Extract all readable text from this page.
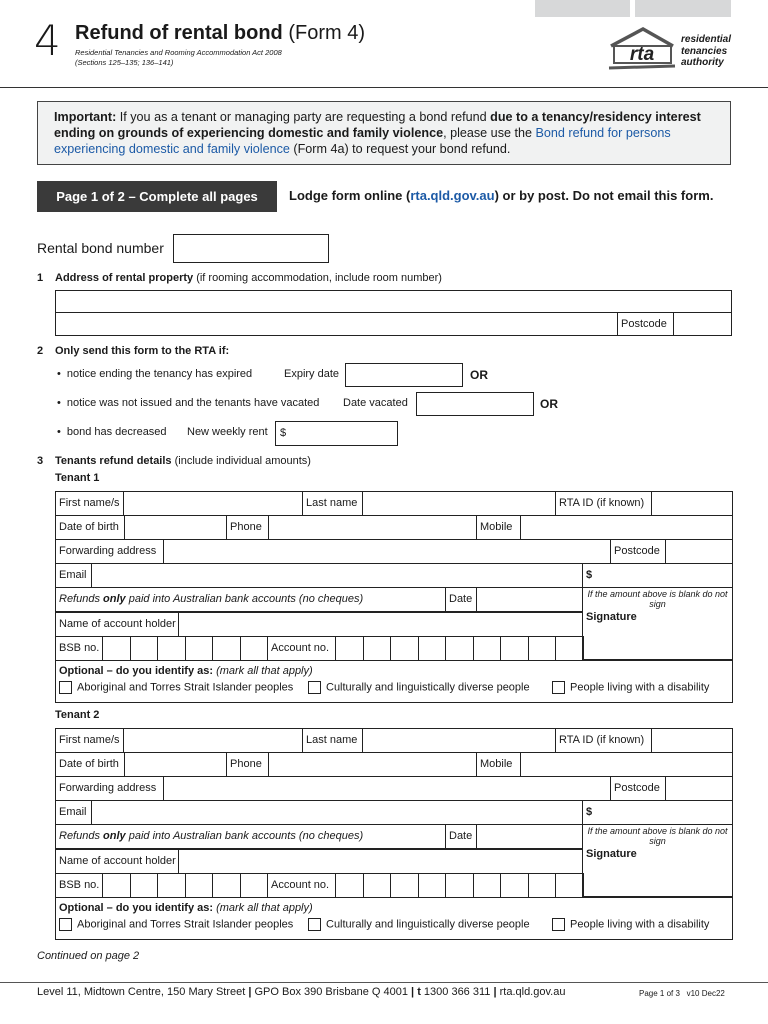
4 Refund of rental bond (Form 4)
Residential Tenancies and Rooming Accommodation Act 2008
(Sections 125–135; 136–141)	rta
residential
tenancies
authority
Important: If you as a tenant or managing party are requesting a bond refund due to a tenancy/residency interest ending on grounds of experiencing domestic and family violence, please use the Bond refund for persons experiencing domestic and family violence (Form 4a) to request your bond refund.
Page 1 of 2 – Complete all pages	Lodge form online (rta.qld.gov.au) or by post. Do not email this form.
Rental bond number
1 Address of rental property (if rooming accommodation, include room number)
Postcode
2 Only send this form to the RTA if:
• notice ending the tenancy has expired	Expiry date	OR
• notice was not issued and the tenants have vacated Date vacated	OR
• bond has decreased New weekly rent	$
3 Tenants refund details (include individual amounts)
Tenant 1
First name/s	Last name	RTA ID (if known)
Date of birth	Phone	Mobile
Forwarding address	Postcode
Email	$
Refunds only paid into Australian bank accounts (no cheques)	Date	If the amount above is blank do not sign
Signature
Name of account holder
BSB no.	Account no.
Optional – do you identify as: (mark all that apply)
Aboriginal and Torres Strait Islander peoples	Culturally and linguistically diverse people	People living with a disability
Tenant 2
First name/s	Last name	RTA ID (if known)
Date of birth	Phone	Mobile
Forwarding address	Postcode
Email	$
Refunds only paid into Australian bank accounts (no cheques)	Date	If the amount above is blank do not sign
Signature
Name of account holder
BSB no.	Account no.
Optional – do you identify as: (mark all that apply)
Aboriginal and Torres Strait Islander peoples	Culturally and linguistically diverse people	People living with a disability
Continued on page 2
Level 11, Midtown Centre, 150 Mary Street | GPO Box 390 Brisbane Q 4001 | t 1300 366 311 | rta.qld.gov.au	Page 1 of 3 v10 Dec22
